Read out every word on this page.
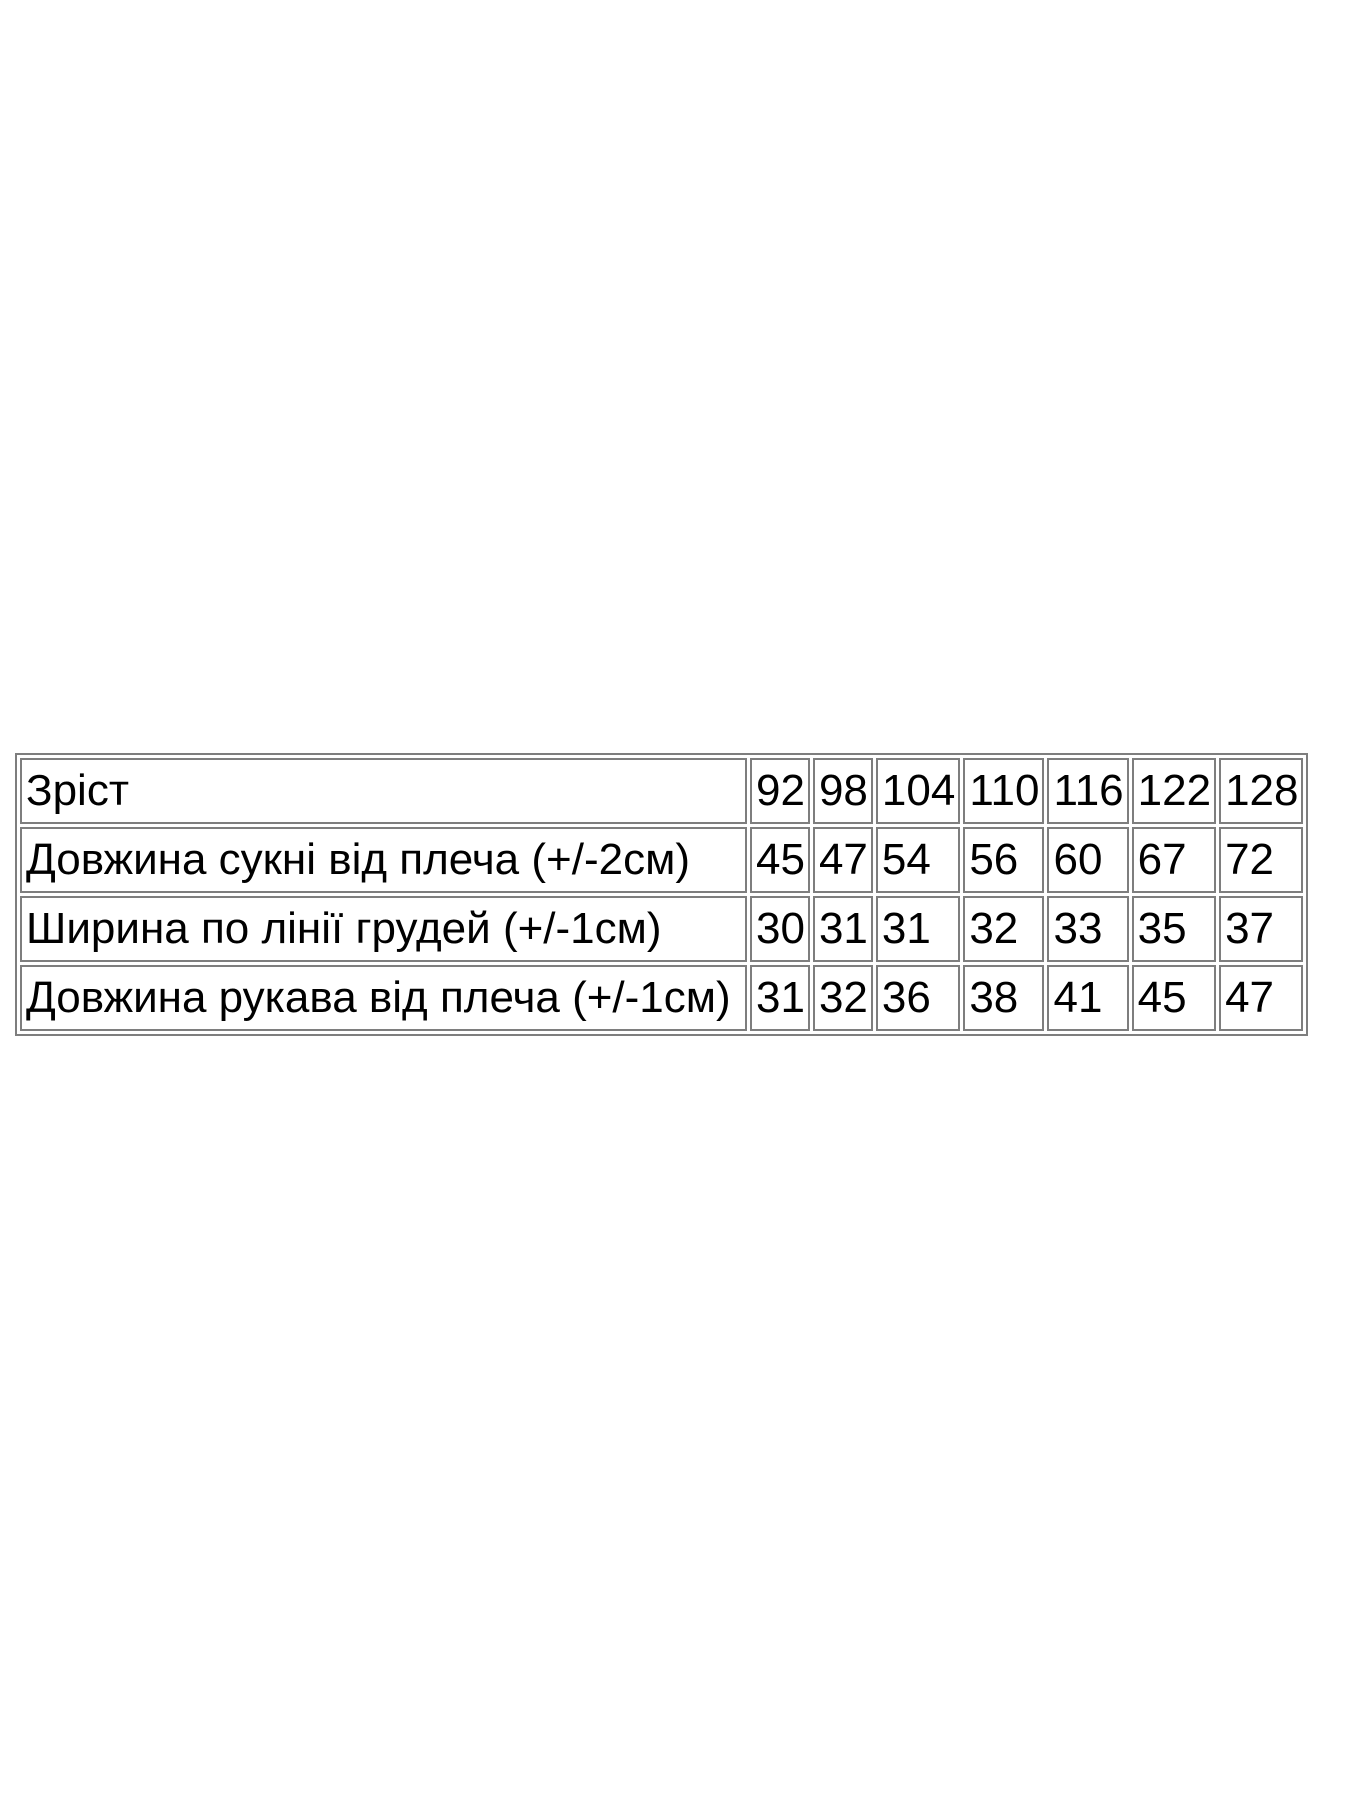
Зріст	92	98	104	110	116	122	128
Довжина сукні від плеча (+/-2см)	45	47	54	56	60	67	72
Ширина по лінії грудей (+/-1см)	30	31	31	32	33	35	37
Довжина рукава від плеча (+/-1см)	31	32	36	38	41	45	47
